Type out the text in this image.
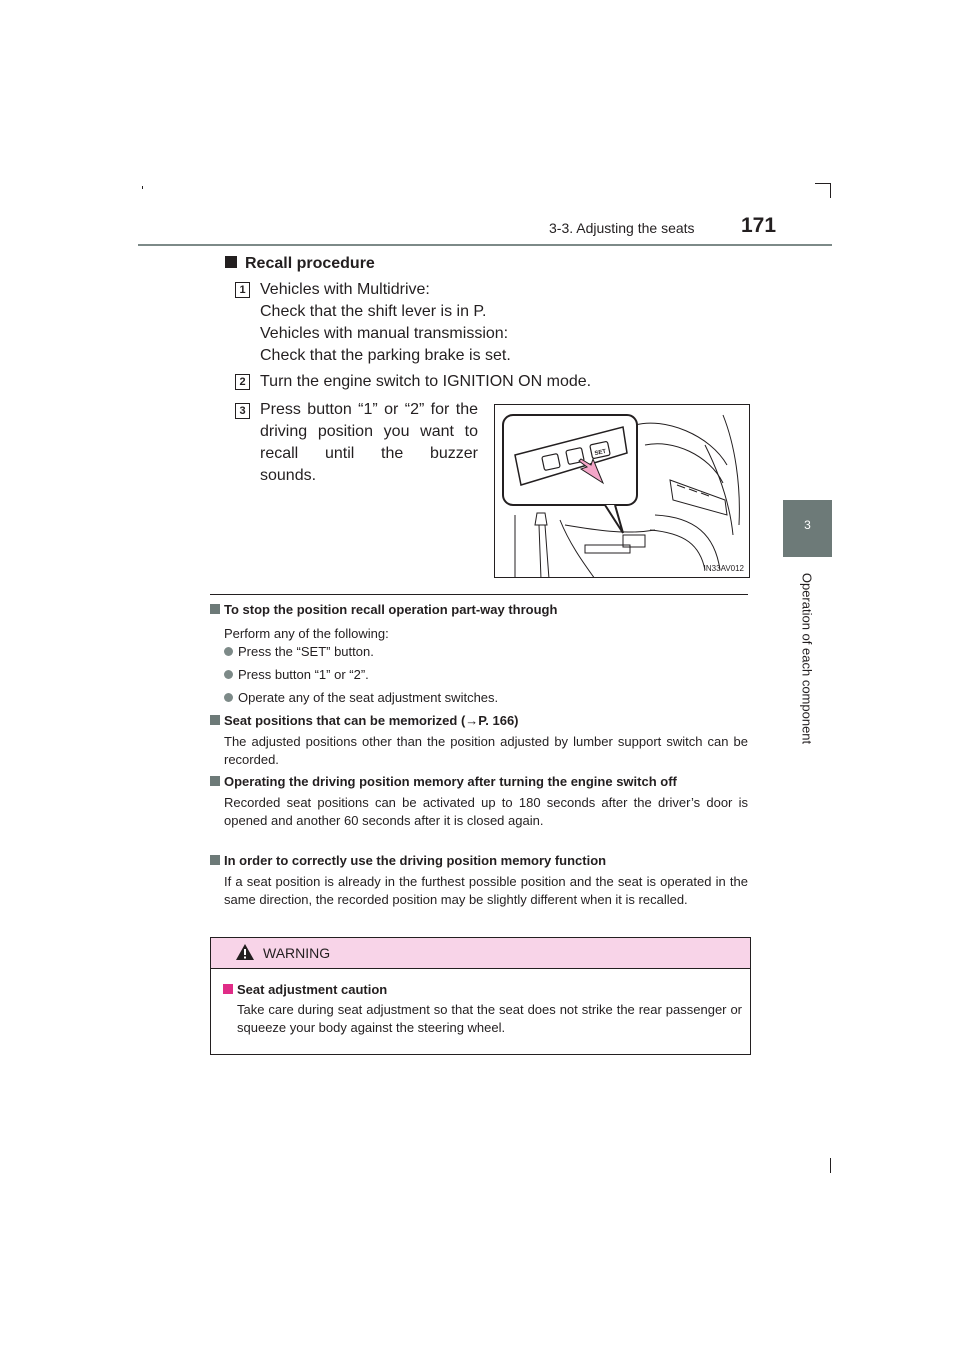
3-3. Adjusting the seats 171
3
Operation of each component
Recall procedure
1 Vehicles with Multidrive:
Check that the shift lever is in P.
Vehicles with manual transmission:
Check that the parking brake is set.
2 Turn the engine switch to IGNITION ON mode.
3 Press button “1” or “2” for the
driving position you want to
recall until the buzzer
sounds.
SET
IN33AV012
To stop the position recall operation part-way through
Perform any of the following:
Press the “SET” button.
Press button “1” or “2”.
Operate any of the seat adjustment switches.
Seat positions that can be memorized (→P. 166)
The adjusted positions other than the position adjusted by lumber support switch can be recorded.
Operating the driving position memory after turning the engine switch off
Recorded seat positions can be activated up to 180 seconds after the driver’s door is opened and another 60 seconds after it is closed again.
In order to correctly use the driving position memory function
If a seat position is already in the furthest possible position and the seat is operated in the same direction, the recorded position may be slightly different when it is recalled.
WARNING
Seat adjustment caution
Take care during seat adjustment so that the seat does not strike the rear passenger or squeeze your body against the steering wheel.
